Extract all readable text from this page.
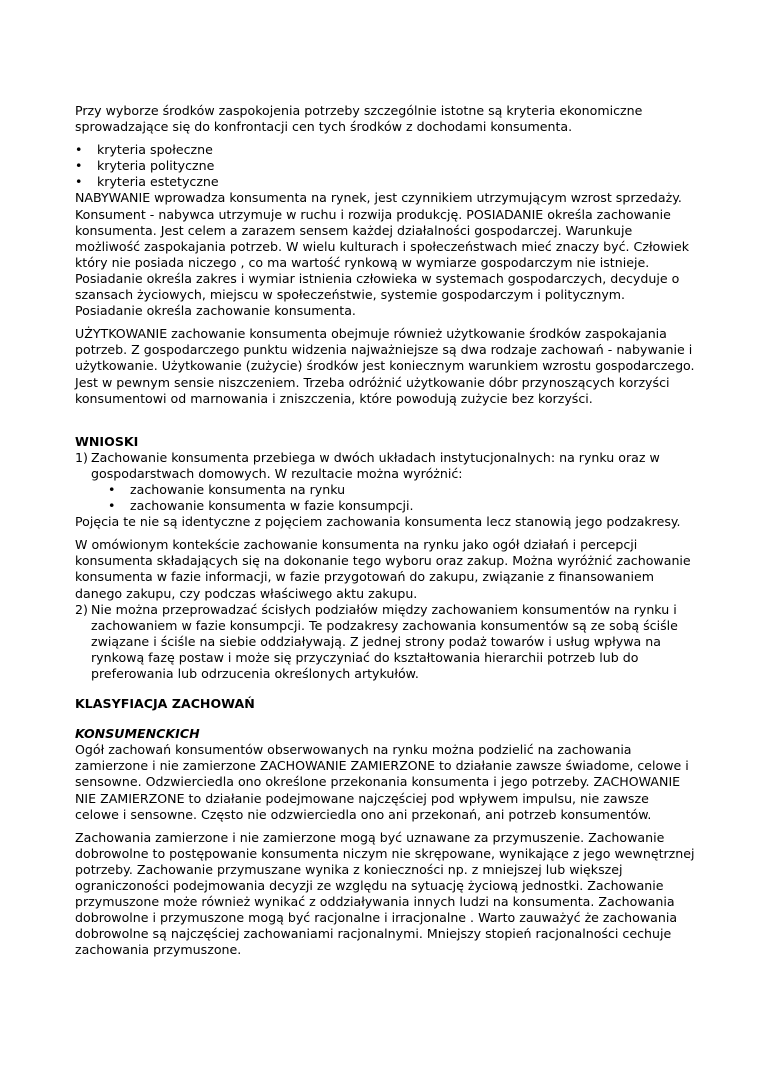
Przy wyborze środków zaspokojenia potrzeby szczególnie istotne są kryteria ekonomiczne sprowadzające się do konfrontacji cen tych środków z dochodami konsumenta.

• kryteria społeczne
• kryteria polityczne
• kryteria estetyczne

NABYWANIE wprowadza konsumenta na rynek, jest czynnikiem utrzymującym wzrost sprzedaży. Konsument - nabywca utrzymuje w ruchu i rozwija produkcję. POSIADANIE określa zachowanie konsumenta. Jest celem a zarazem sensem każdej działalności gospodarczej. Warunkuje możliwość zaspokajania potrzeb. W wielu kulturach i społeczeństwach mieć znaczy być. Człowiek który nie posiada niczego , co ma wartość rynkową w wymiarze gospodarczym nie istnieje. Posiadanie określa zakres i wymiar istnienia człowieka w systemach gospodarczych, decyduje o szansach życiowych, miejscu w społeczeństwie, systemie gospodarczym i politycznym. Posiadanie określa zachowanie konsumenta.

UŻYTKOWANIE zachowanie konsumenta obejmuje również użytkowanie środków zaspokajania potrzeb. Z gospodarczego punktu widzenia najważniejsze są dwa rodzaje zachowań - nabywanie i użytkowanie. Użytkowanie (zużycie) środków jest koniecznym warunkiem wzrostu gospodarczego. Jest w pewnym sensie niszczeniem. Trzeba odróżnić użytkowanie dóbr przynoszących korzyści konsumentowi od marnowania i zniszczenia, które powodują zużycie bez korzyści.

WNIOSKI

1) Zachowanie konsumenta przebiega w dwóch układach instytucjonalnych: na rynku oraz w gospodarstwach domowych. W rezultacie można wyróżnić:
• zachowanie konsumenta na rynku
• zachowanie konsumenta w fazie konsumpcji.

Pojęcia te nie są identyczne z pojęciem zachowania konsumenta lecz stanowią jego podzakresy.

W omówionym kontekście zachowanie konsumenta na rynku jako ogół działań i percepcji konsumenta składających się na dokonanie tego wyboru oraz zakup. Można wyróżnić zachowanie konsumenta w fazie informacji, w fazie przygotowań do zakupu, związanie z finansowaniem danego zakupu, czy podczas właściwego aktu zakupu.

2) Nie można przeprowadzać ścisłych podziałów między zachowaniem konsumentów na rynku i zachowaniem w fazie konsumpcji. Te podzakresy zachowania konsumentów są ze sobą ściśle związane i ściśle na siebie oddziaływają. Z jednej strony podaż towarów i usług wpływa na rynkową fazę postaw i może się przyczyniać do kształtowania hierarchii potrzeb lub do preferowania lub odrzucenia określonych artykułów.

KLASYFIACJA ZACHOWAŃ

KONSUMENCKICH

Ogół zachowań konsumentów obserwowanych na rynku można podzielić na zachowania zamierzone i nie zamierzone ZACHOWANIE ZAMIERZONE to działanie zawsze świadome, celowe i sensowne. Odzwierciedla ono określone przekonania konsumenta i jego potrzeby. ZACHOWANIE NIE ZAMIERZONE to działanie podejmowane najczęściej pod wpływem impulsu, nie zawsze celowe i sensowne. Często nie odzwierciedla ono ani przekonań, ani potrzeb konsumentów.

Zachowania zamierzone i nie zamierzone mogą być uznawane za przymuszenie. Zachowanie dobrowolne to postępowanie konsumenta niczym nie skrępowane, wynikające z jego wewnętrznej potrzeby. Zachowanie przymuszane wynika z konieczności np. z mniejszej lub większej ograniczoności podejmowania decyzji ze względu na sytuację życiową jednostki. Zachowanie przymuszone może również wynikać z oddziaływania innych ludzi na konsumenta. Zachowania dobrowolne i przymuszone mogą być racjonalne i irracjonalne . Warto zauważyć że zachowania dobrowolne są najczęściej zachowaniami racjonalnymi. Mniejszy stopień racjonalności cechuje zachowania przymuszone.
